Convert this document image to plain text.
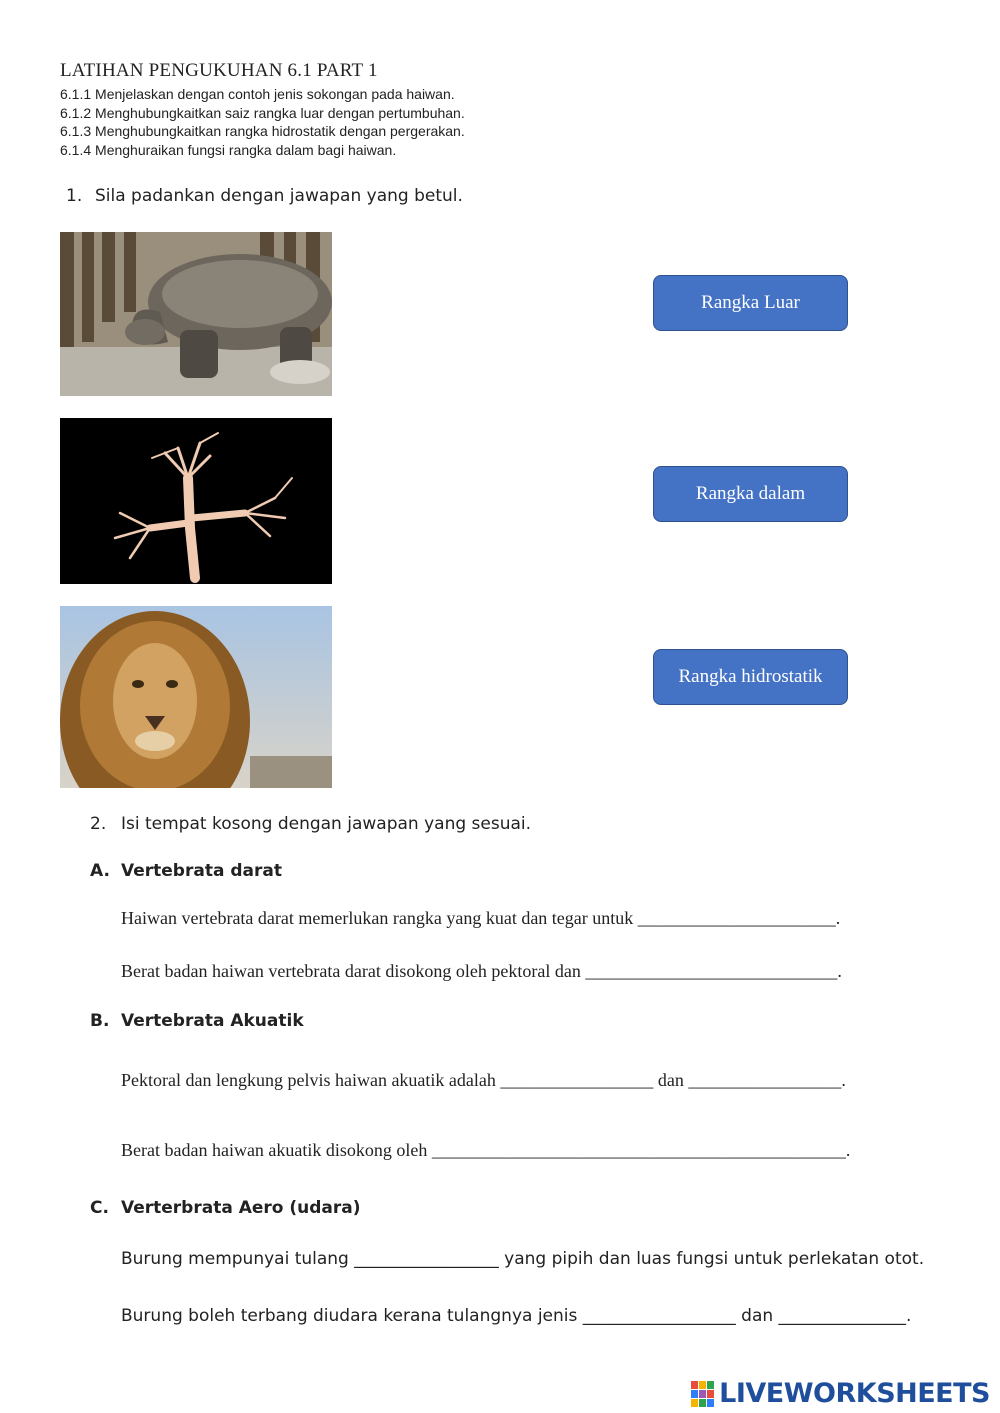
LATIHAN PENGUKUHAN 6.1 PART 1
6.1.1 Menjelaskan dengan contoh jenis sokongan pada haiwan.
6.1.2 Menghubungkaitkan saiz rangka luar dengan pertumbuhan.
6.1.3 Menghubungkaitkan rangka hidrostatik dengan pergerakan.
6.1.4 Menghuraikan fungsi rangka dalam bagi haiwan.
1. Sila padankan dengan jawapan yang betul.
Rangka Luar
Rangka dalam
Rangka hidrostatik
2. Isi tempat kosong dengan jawapan yang sesuai.
A. Vertebrata darat
Haiwan vertebrata darat memerlukan rangka yang kuat dan tegar untuk ______________________.
Berat badan haiwan vertebrata darat disokong oleh pektoral dan ____________________________.
B. Vertebrata Akuatik
Pektoral dan lengkung pelvis haiwan akuatik adalah _________________ dan _________________.
Berat badan haiwan akuatik disokong oleh ______________________________________________.
C. Verterbrata Aero (udara)
Burung mempunyai tulang _________________ yang pipih dan luas fungsi untuk perlekatan otot.
Burung boleh terbang diudara kerana tulangnya jenis __________________ dan _______________.
LIVEWORKSHEETS
